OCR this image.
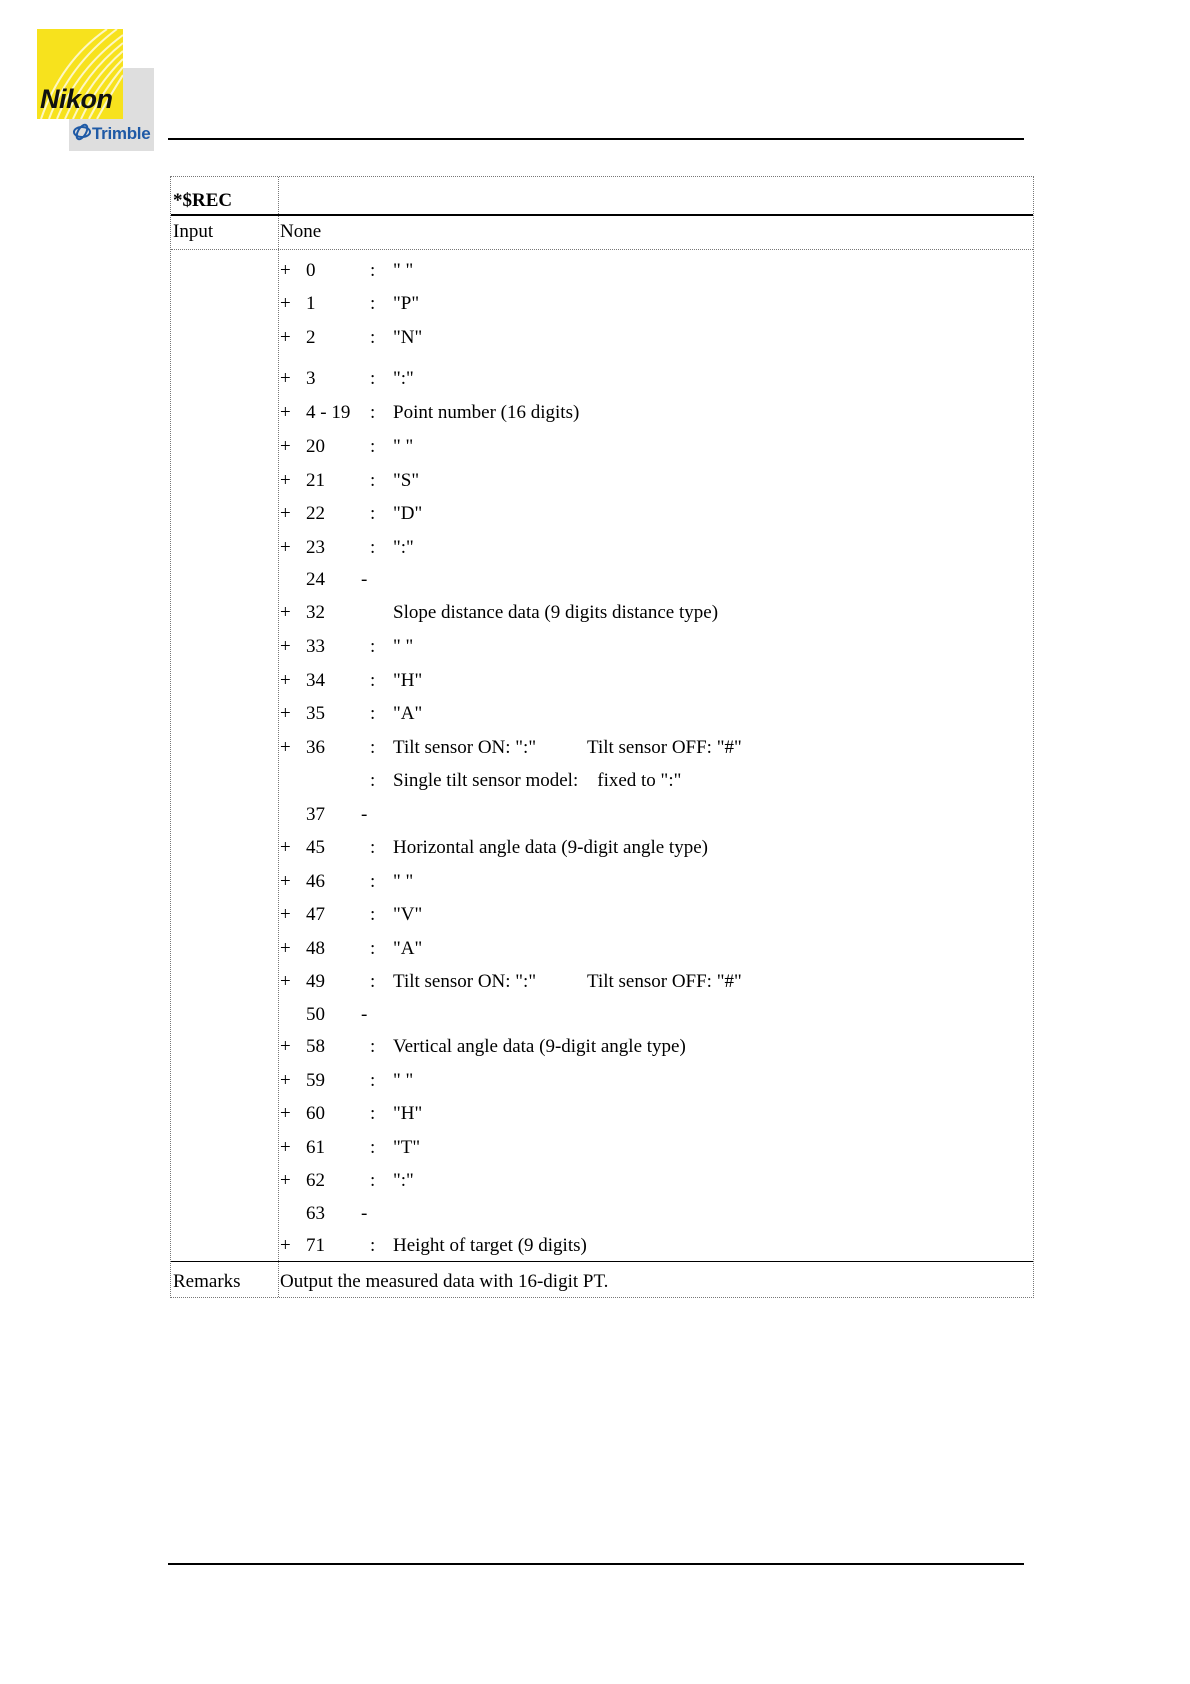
Nikon
Trimble
*$REC
Input	None
+ 0	: " "
+ 1	: "P"
+ 2	: "N"
+ 3	: ":"
+ 4 - 19 : Point number (16 digits)
+ 20 : " "
+ 21 : "S"
+ 22 : "D"
+ 23 : ":"
24 -
+ 32	Slope distance data (9 digits distance type)
+ 33 : " "
+ 34 : "H"
+ 35 : "A"
+ 36 : Tilt sensor ON: ":"	Tilt sensor OFF: "#"
: Single tilt sensor model:    fixed to ":"
37 -
+ 45 : Horizontal angle data (9-digit angle type)
+ 46 : " "
+ 47 : "V"
+ 48 : "A"
+ 49 : Tilt sensor ON: ":"	Tilt sensor OFF: "#"
50 -
+ 58 : Vertical angle data (9-digit angle type)
+ 59 : " "
+ 60 : "H"
+ 61 : "T"
+ 62 : ":"
63 -
+ 71 : Height of target (9 digits)
Remarks	Output the measured data with 16-digit PT.
